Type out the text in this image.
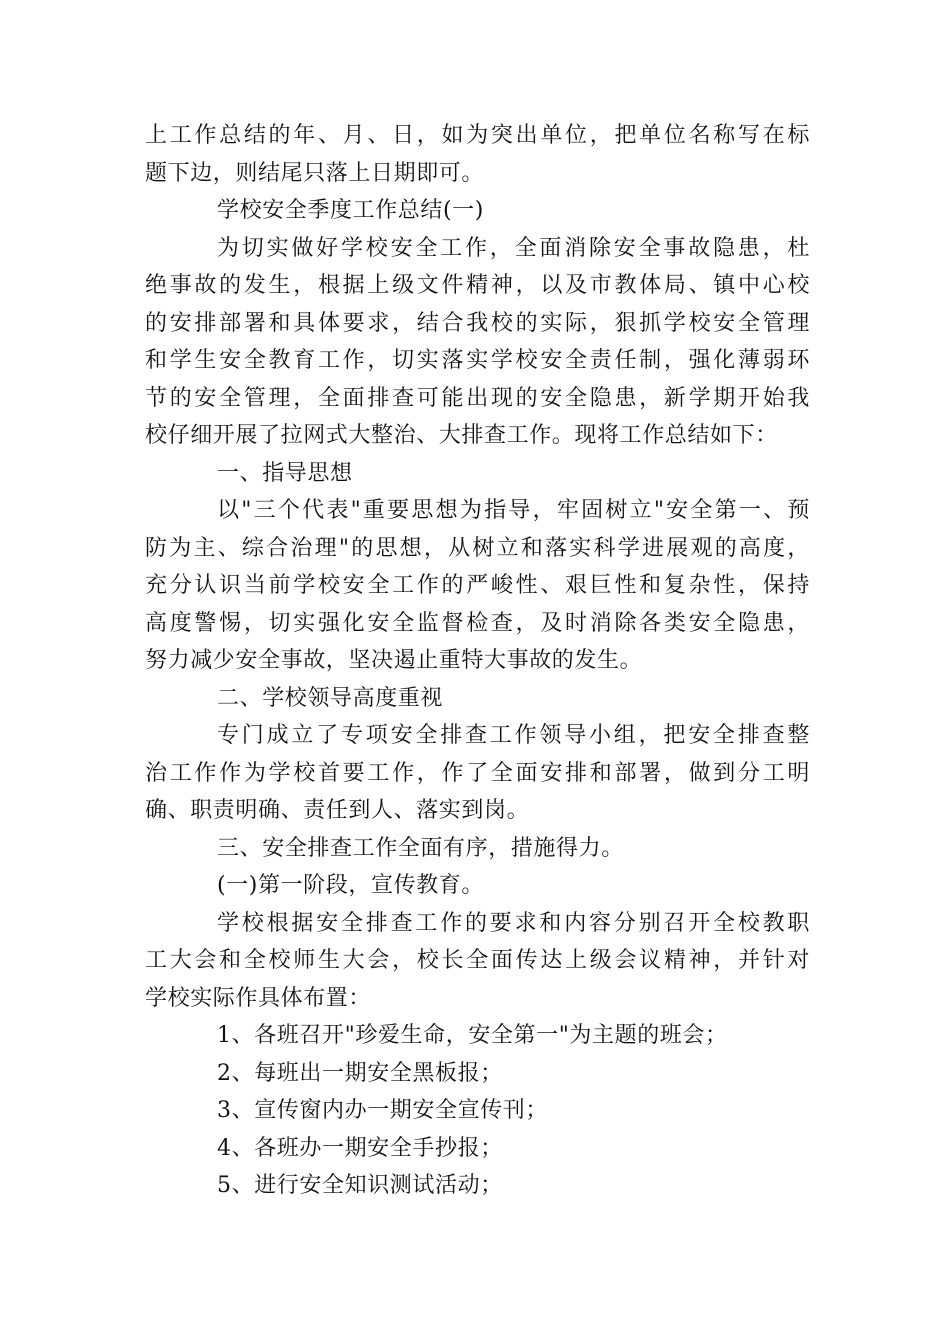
上工作总结的年、月、日，如为突出单位，把单位名称写在标
题下边，则结尾只落上日期即可。

学校安全季度工作总结(一)

为切实做好学校安全工作，全面消除安全事故隐患，杜
绝事故的发生，根据上级文件精神，以及市教体局、镇中心校
的安排部署和具体要求，结合我校的实际，狠抓学校安全管理
和学生安全教育工作，切实落实学校安全责任制，强化薄弱环
节的安全管理，全面排查可能出现的安全隐患，新学期开始我
校仔细开展了拉网式大整治、大排查工作。现将工作总结如下：

一、指导思想

以"三个代表"重要思想为指导，牢固树立"安全第一、预
防为主、综合治理"的思想，从树立和落实科学进展观的高度，
充分认识当前学校安全工作的严峻性、艰巨性和复杂性，保持
高度警惕，切实强化安全监督检查，及时消除各类安全隐患，
努力减少安全事故，坚决遏止重特大事故的发生。

二、学校领导高度重视

专门成立了专项安全排查工作领导小组，把安全排查整
治工作作为学校首要工作，作了全面安排和部署，做到分工明
确、职责明确、责任到人、落实到岗。

三、安全排查工作全面有序，措施得力。

(一)第一阶段，宣传教育。

学校根据安全排查工作的要求和内容分别召开全校教职
工大会和全校师生大会，校长全面传达上级会议精神，并针对
学校实际作具体布置：

1、各班召开"珍爱生命，安全第一"为主题的班会；

2、每班出一期安全黑板报；

3、宣传窗内办一期安全宣传刊；

4、各班办一期安全手抄报；

5、进行安全知识测试活动；
